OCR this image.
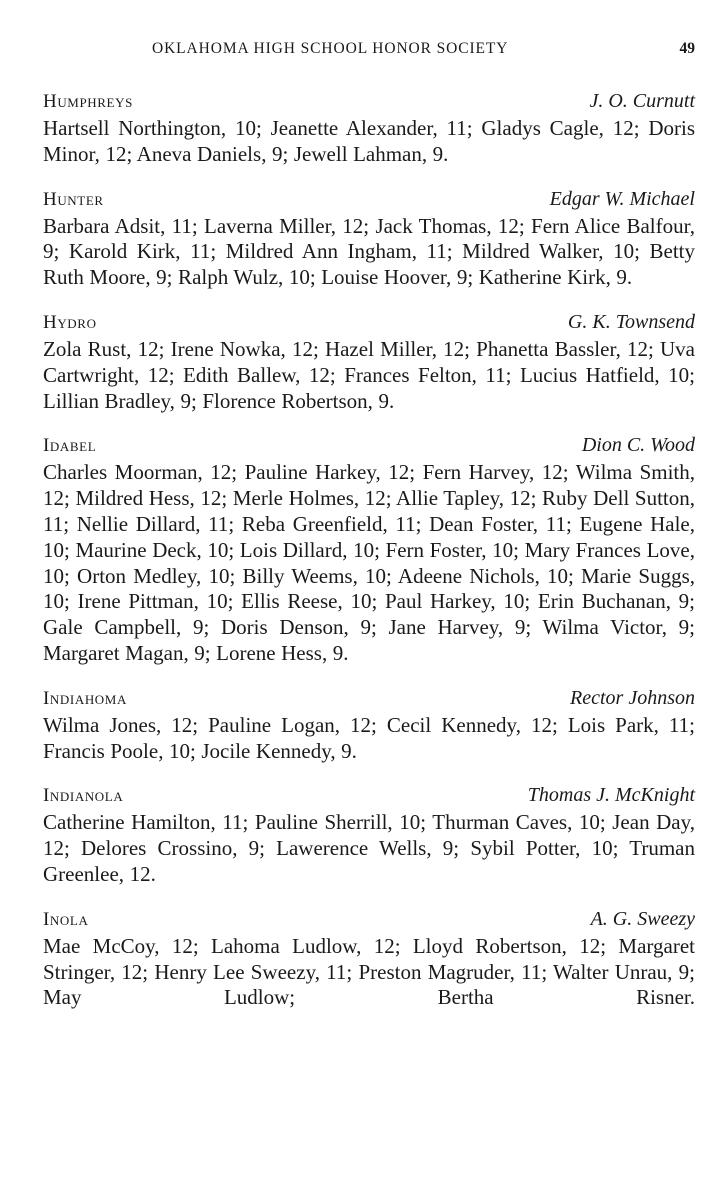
OKLAHOMA HIGH SCHOOL HONOR SOCIETY	49
Humphreys	J. O. Curnutt

Hartsell Northington, 10; Jeanette Alexander, 11; Gladys Cagle, 12; Doris Minor, 12; Aneva Daniels, 9; Jewell Lahman, 9.

Hunter	Edgar W. Michael

Barbara Adsit, 11; Laverna Miller, 12; Jack Thomas, 12; Fern Alice Balfour, 9; Karold Kirk, 11; Mildred Ann Ingham, 11; Mildred Walker, 10; Betty Ruth Moore, 9; Ralph Wulz, 10; Louise Hoover, 9; Katherine Kirk, 9.

Hydro	G. K. Townsend

Zola Rust, 12; Irene Nowka, 12; Hazel Miller, 12; Phanetta Bassler, 12; Uva Cartwright, 12; Edith Ballew, 12; Frances Felton, 11; Lucius Hatfield, 10; Lillian Bradley, 9; Florence Robertson, 9.

Idabel	Dion C. Wood

Charles Moorman, 12; Pauline Harkey, 12; Fern Harvey, 12; Wilma Smith, 12; Mildred Hess, 12; Merle Holmes, 12; Allie Tapley, 12; Ruby Dell Sutton, 11; Nellie Dillard, 11; Reba Greenfield, 11; Dean Foster, 11; Eugene Hale, 10; Maurine Deck, 10; Lois Dillard, 10; Fern Foster, 10; Mary Frances Love, 10; Orton Medley, 10; Billy Weems, 10; Adeene Nichols, 10; Marie Suggs, 10; Irene Pittman, 10; Ellis Reese, 10; Paul Harkey, 10; Erin Buchanan, 9; Gale Campbell, 9; Doris Denson, 9; Jane Harvey, 9; Wilma Victor, 9; Margaret Magan, 9; Lorene Hess, 9.

Indiahoma	Rector Johnson

Wilma Jones, 12; Pauline Logan, 12; Cecil Kennedy, 12; Lois Park, 11; Francis Poole, 10; Jocile Kennedy, 9.

Indianola	Thomas J. McKnight

Catherine Hamilton, 11; Pauline Sherrill, 10; Thurman Caves, 10; Jean Day, 12; Delores Crossino, 9; Lawerence Wells, 9; Sybil Potter, 10; Truman Greenlee, 12.

Inola	A. G. Sweezy

Mae McCoy, 12; Lahoma Ludlow, 12; Lloyd Robertson, 12; Margaret Stringer, 12; Henry Lee Sweezy, 11; Preston Magruder, 11; Walter Unrau, 9; May Ludlow; Bertha Risner.
